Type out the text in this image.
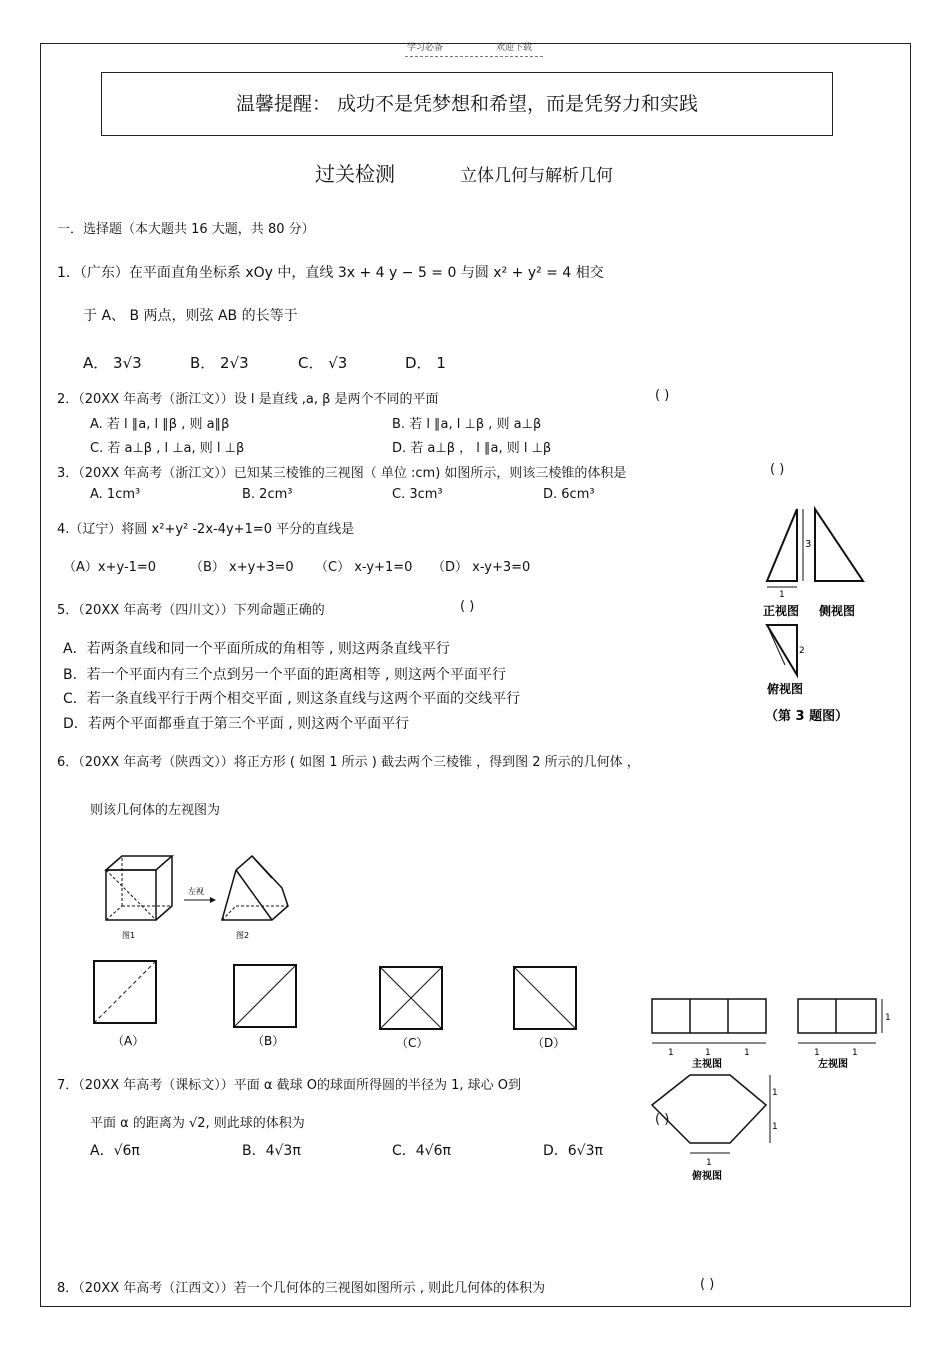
学习必备	欢迎下载
温馨提醒： 成功不是凭梦想和希望，而是凭努力和实践
过关检测	立体几何与解析几何
一．选择题（本大题共 16 大题，共 80 分）
1．（广东）在平面直角坐标系 xOy 中，直线 3x + 4 y − 5 = 0 与圆 x² + y² = 4 相交
于 A、 B 两点，则弦 AB 的长等于
A． 3√3	B． 2√3	C． √3	D． 1
2．（20XX 年高考（浙江文））设 l 是直线 ,a, β 是两个不同的平面	( )
A. 若 l ∥a, l ∥β , 则 a∥β	B. 若 l ∥a, l ⊥β , 则 a⊥β
C. 若 a⊥β , l ⊥a, 则 l ⊥β	D. 若 a⊥β ， l ∥a, 则 l ⊥β
3．（20XX 年高考（浙江文））已知某三棱锥的三视图（ 单位 :cm) 如图所示，则该三棱锥的体积是	( )
A. 1cm³	B. 2cm³	C. 3cm³	D. 6cm³
4.（辽宁）将圆 x²+y² -2x-4y+1=0 平分的直线是
（A）x+y-1=0	（B） x+y+3=0 （C） x-y+1=0 （D） x-y+3=0
5．（20XX 年高考（四川文））下列命题正确的	( )
A．若两条直线和同一个平面所成的角相等 , 则这两条直线平行
B．若一个平面内有三个点到另一个平面的距离相等 , 则这两个平面平行
C．若一条直线平行于两个相交平面 , 则这条直线与这两个平面的交线平行
D．若两个平面都垂直于第三个平面 , 则这两个平面平行
3
1
正视图 侧视图
2
俯视图
（第 3 题图）
6．（20XX 年高考（陕西文））将正方形 ( 如图 1 所示 ) 截去两个三棱锥 ，得到图 2 所示的几何体 ，
则该几何体的左视图为
图1
左视
图2
（A）	（B）	（C）	（D）
1	1	1
主视图
1
1	1
左视图
1
1
1
俯视图
7．（20XX 年高考（课标文））平面 α 截球 O的球面所得圆的半径为 1, 球心 O到
平面 α 的距离为 √2, 则此球的体积为	( )
A．√6π	B．4√3π	C．4√6π	D．6√3π
8．（20XX 年高考（江西文））若一个几何体的三视图如图所示 , 则此几何体的体积为	( )
